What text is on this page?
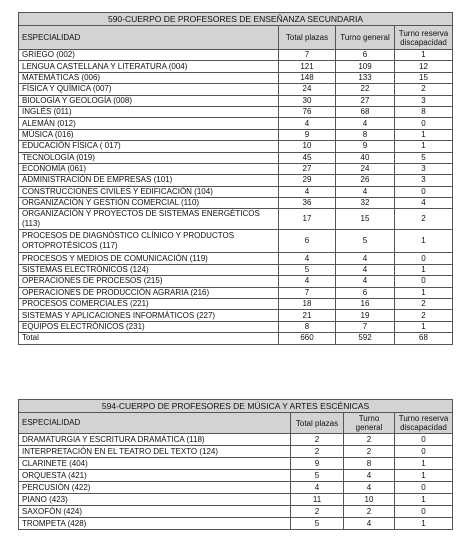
590-CUERPO DE PROFESORES DE ENSEÑANZA SECUNDARIA			
ESPECIALIDAD	Total plazas	Turno general	Turno reserva discapacidad
GRIEGO (002)	7	6	1
LENGUA CASTELLANA Y LITERATURA (004)	121	109	12
MATEMÁTICAS (006)	148	133	15
FÍSICA Y QUÍMICA (007)	24	22	2
BIOLOGÍA Y GEOLOGÍA (008)	30	27	3
INGLÉS (011)	76	68	8
ALEMÁN (012)	4	4	0
MÚSICA (016)	9	8	1
EDUCACIÓN FÍSICA ( 017)	10	9	1
TECNOLOGÍA (019)	45	40	5
ECONOMÍA (061)	27	24	3
ADMINISTRACIÓN DE EMPRESAS (101)	29	26	3
CONSTRUCCIONES CIVILES Y EDIFICACIÓN (104)	4	4	0
ORGANIZACIÓN Y GESTIÓN COMERCIAL (110)	36	32	4
ORGANIZACIÓN Y PROYECTOS DE SISTEMAS ENERGÉTICOS (113)	17	15	2
PROCESOS DE DIAGNÓSTICO CLÍNICO Y PRODUCTOS ORTOPROTÉSICOS (117)	6	5	1
PROCESOS Y MEDIOS DE COMUNICACIÓN (119)	4	4	0
SISTEMAS ELECTRÓNICOS (124)	5	4	1
OPERACIONES DE PROCESOS (215)	4	4	0
OPERACIONES DE PRODUCCIÓN AGRARIA (216)	7	6	1
PROCESOS COMERCIALES (221)	18	16	2
SISTEMAS Y APLICACIONES INFORMÁTICOS (227)	21	19	2
EQUIPOS ELECTRÓNICOS (231)	8	7	1
Total	660	592	68
594-CUERPO DE PROFESORES DE MÚSICA Y ARTES ESCÉNICAS			
ESPECIALIDAD	Total plazas	Turno general	Turno reserva discapacidad
DRAMATURGIA Y ESCRITURA DRAMÁTICA (118)	2	2	0
INTERPRETACIÓN EN EL TEATRO DEL TEXTO (124)	2	2	0
CLARINETE (404)	9	8	1
ORQUESTA (421)	5	4	1
PERCUSIÓN (422)	4	4	0
PIANO (423)	11	10	1
SAXOFÓN (424)	2	2	0
TROMPETA (428)	5	4	1
